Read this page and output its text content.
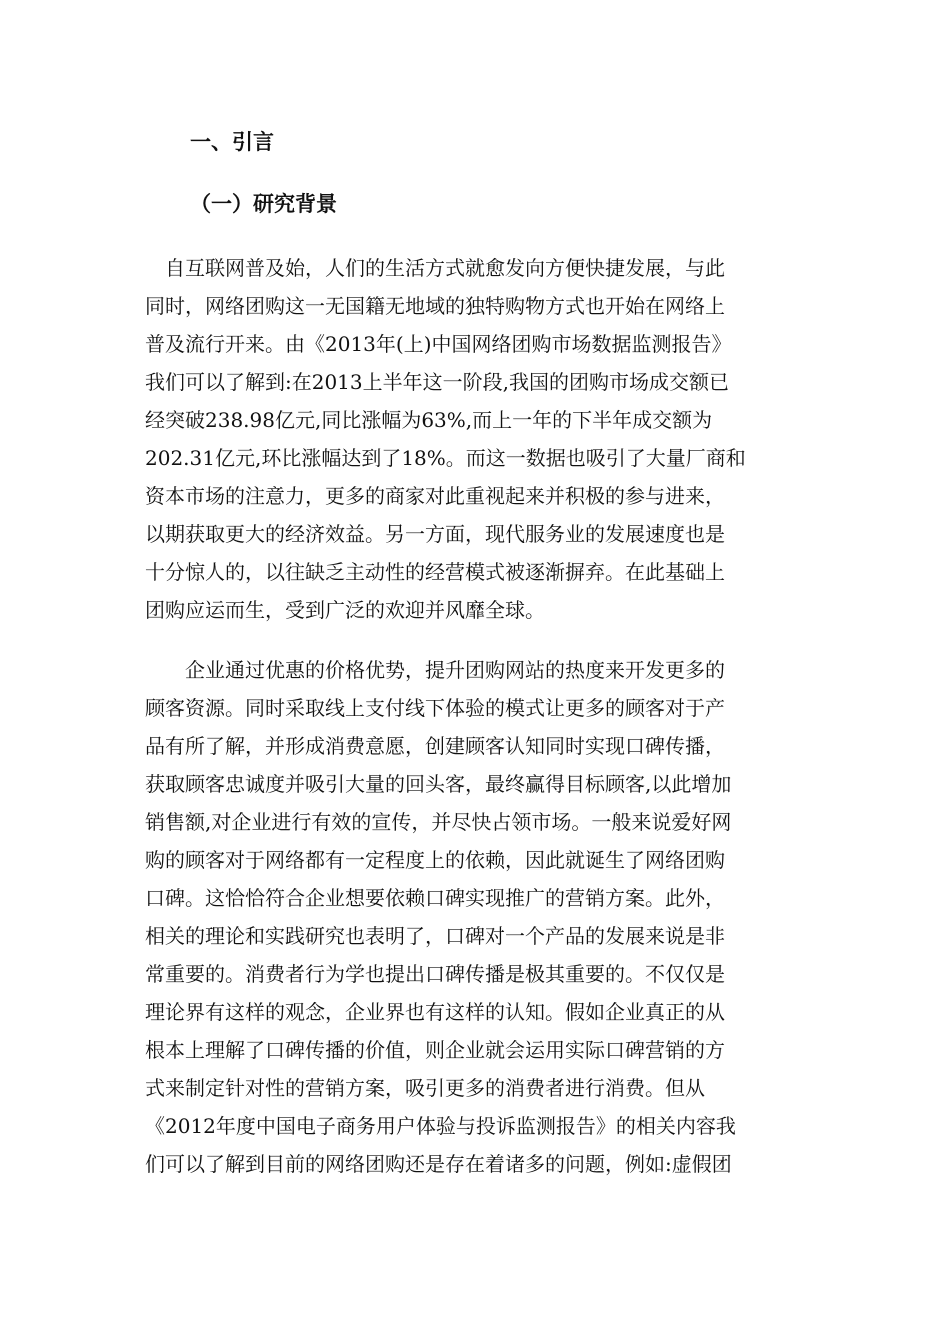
一、引言
（一）研究背景
　自互联网普及始，人们的生活方式就愈发向方便快捷发展，与此
同时，网络团购这一无国籍无地域的独特购物方式也开始在网络上
普及流行开来。由《2013年(上)中国网络团购市场数据监测报告》
我们可以了解到:在2013上半年这一阶段,我国的团购市场成交额已
经突破238.98亿元,同比涨幅为63%,而上一年的下半年成交额为
202.31亿元,环比涨幅达到了18%。而这一数据也吸引了大量厂商和
资本市场的注意力，更多的商家对此重视起来并积极的参与进来，
以期获取更大的经济效益。另一方面，现代服务业的发展速度也是
十分惊人的，以往缺乏主动性的经营模式被逐渐摒弃。在此基础上
团购应运而生，受到广泛的欢迎并风靡全球。
　　企业通过优惠的价格优势，提升团购网站的热度来开发更多的
顾客资源。同时采取线上支付线下体验的模式让更多的顾客对于产
品有所了解，并形成消费意愿，创建顾客认知同时实现口碑传播，
获取顾客忠诚度并吸引大量的回头客，最终赢得目标顾客,以此增加
销售额,对企业进行有效的宣传，并尽快占领市场。一般来说爱好网
购的顾客对于网络都有一定程度上的依赖，因此就诞生了网络团购
口碑。这恰恰符合企业想要依赖口碑实现推广的营销方案。此外，
相关的理论和实践研究也表明了，口碑对一个产品的发展来说是非
常重要的。消费者行为学也提出口碑传播是极其重要的。不仅仅是
理论界有这样的观念，企业界也有这样的认知。假如企业真正的从
根本上理解了口碑传播的价值，则企业就会运用实际口碑营销的方
式来制定针对性的营销方案，吸引更多的消费者进行消费。但从
《2012年度中国电子商务用户体验与投诉监测报告》的相关内容我
们可以了解到目前的网络团购还是存在着诸多的问题，例如:虚假团
